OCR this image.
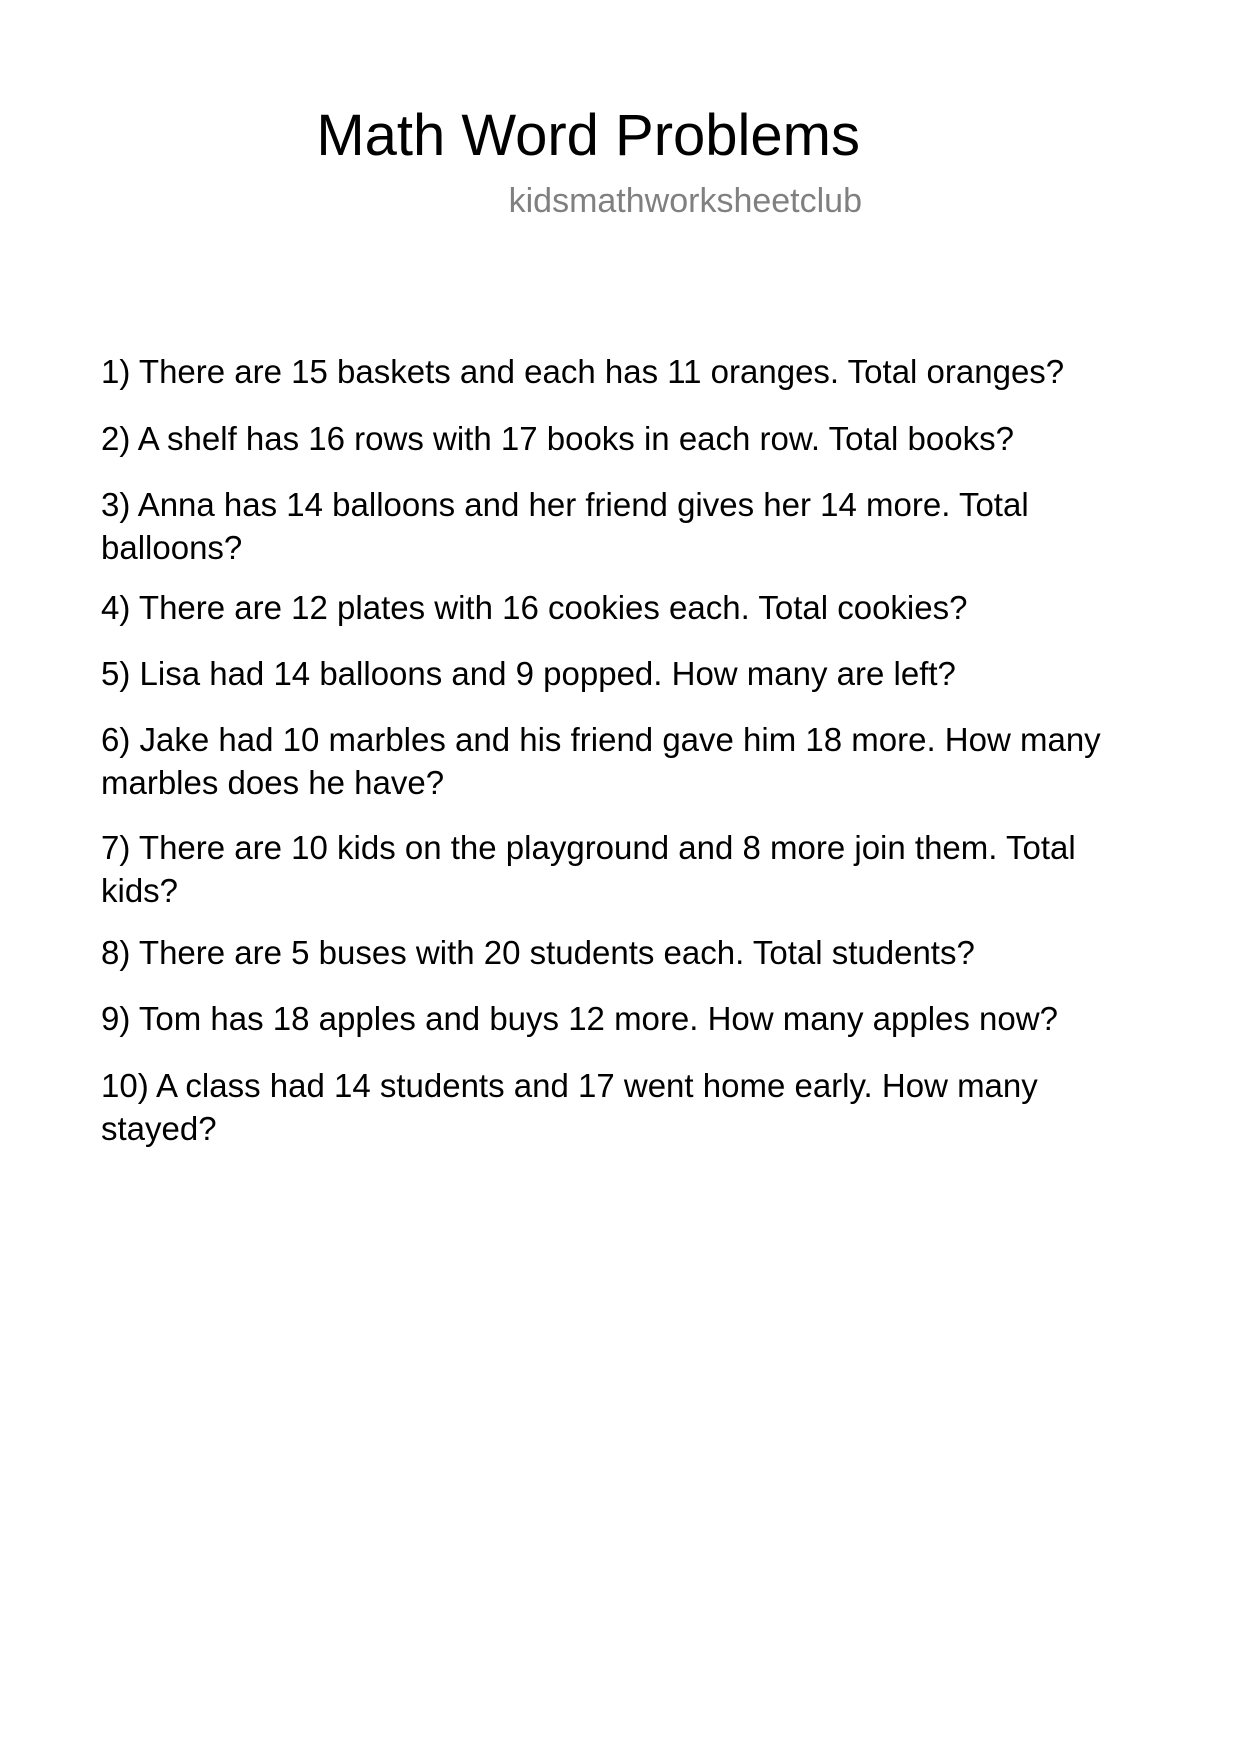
Math Word Problems
kidsmathworksheetclub

1) There are 15 baskets and each has 11 oranges. Total oranges?

2) A shelf has 16 rows with 17 books in each row. Total books?

3) Anna has 14 balloons and her friend gives her 14 more. Total balloons?

4) There are 12 plates with 16 cookies each. Total cookies?

5) Lisa had 14 balloons and 9 popped. How many are left?

6) Jake had 10 marbles and his friend gave him 18 more. How many marbles does he have?

7) There are 10 kids on the playground and 8 more join them. Total kids?

8) There are 5 buses with 20 students each. Total students?

9) Tom has 18 apples and buys 12 more. How many apples now?

10) A class had 14 students and 17 went home early. How many stayed?
